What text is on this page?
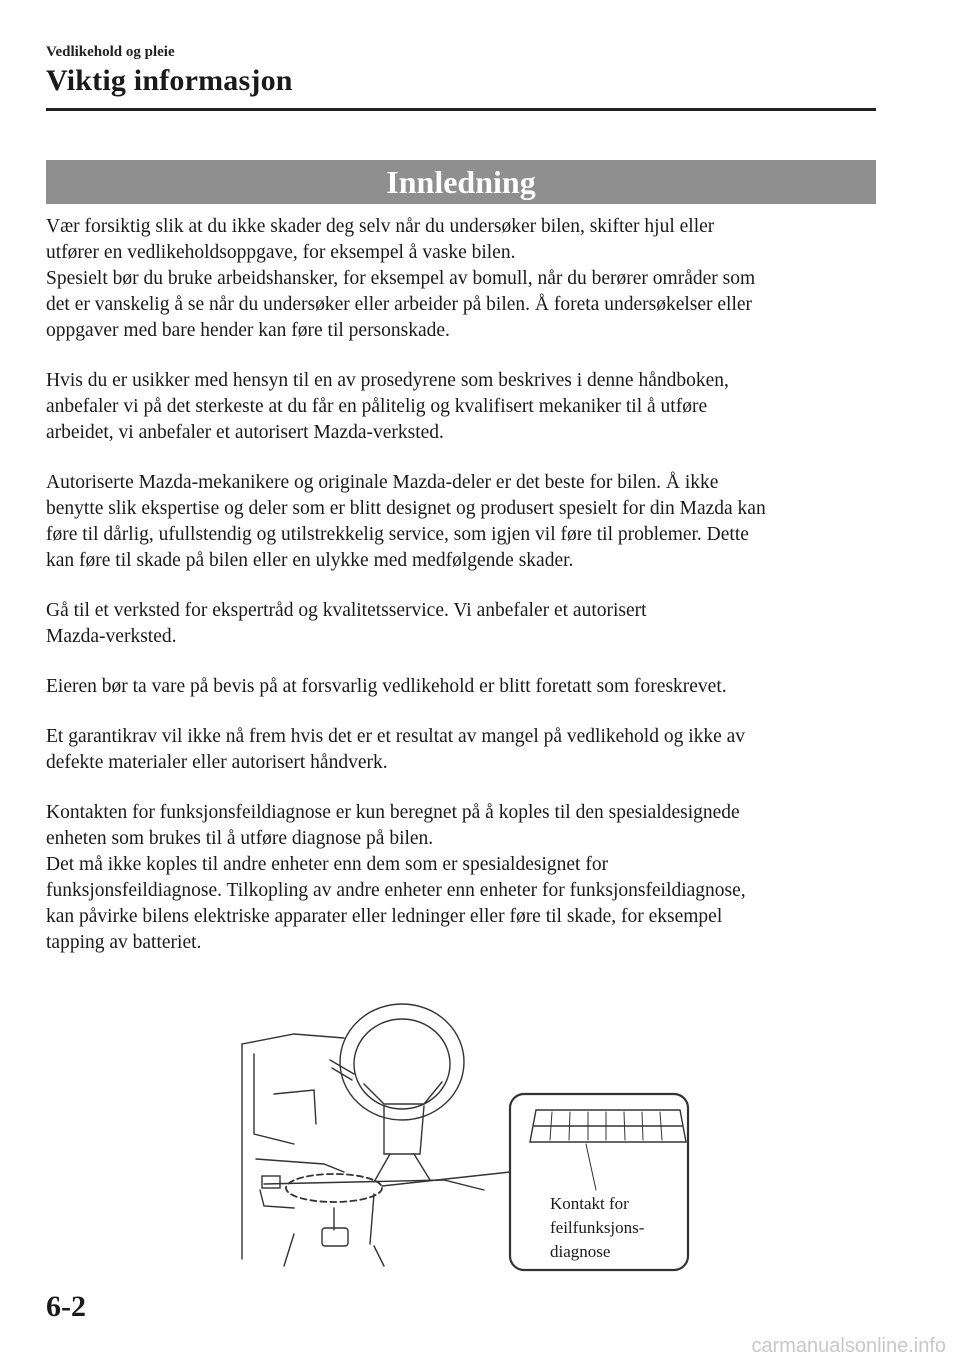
Vedlikehold og pleie
Viktig informasjon
Innledning

Vær forsiktig slik at du ikke skader deg selv når du undersøker bilen, skifter hjul eller
utfører en vedlikeholdsoppgave, for eksempel å vaske bilen.
Spesielt bør du bruke arbeidshansker, for eksempel av bomull, når du berører områder som
det er vanskelig å se når du undersøker eller arbeider på bilen. Å foreta undersøkelser eller
oppgaver med bare hender kan føre til personskade.

Hvis du er usikker med hensyn til en av prosedyrene som beskrives i denne håndboken,
anbefaler vi på det sterkeste at du får en pålitelig og kvalifisert mekaniker til å utføre
arbeidet, vi anbefaler et autorisert Mazda-verksted.

Autoriserte Mazda-mekanikere og originale Mazda-deler er det beste for bilen. Å ikke
benytte slik ekspertise og deler som er blitt designet og produsert spesielt for din Mazda kan
føre til dårlig, ufullstendig og utilstrekkelig service, som igjen vil føre til problemer. Dette
kan føre til skade på bilen eller en ulykke med medfølgende skader.

Gå til et verksted for ekspertråd og kvalitetsservice. Vi anbefaler et autorisert
Mazda-verksted.

Eieren bør ta vare på bevis på at forsvarlig vedlikehold er blitt foretatt som foreskrevet.

Et garantikrav vil ikke nå frem hvis det er et resultat av mangel på vedlikehold og ikke av
defekte materialer eller autorisert håndverk.

Kontakten for funksjonsfeildiagnose er kun beregnet på å koples til den spesialdesignede
enheten som brukes til å utføre diagnose på bilen.
Det må ikke koples til andre enheter enn dem som er spesialdesignet for
funksjonsfeildiagnose. Tilkopling av andre enheter enn enheter for funksjonsfeildiagnose,
kan påvirke bilens elektriske apparater eller ledninger eller føre til skade, for eksempel
tapping av batteriet.

Kontakt for
feilfunksjons-
diagnose
6-2
carmanualsonline.info
